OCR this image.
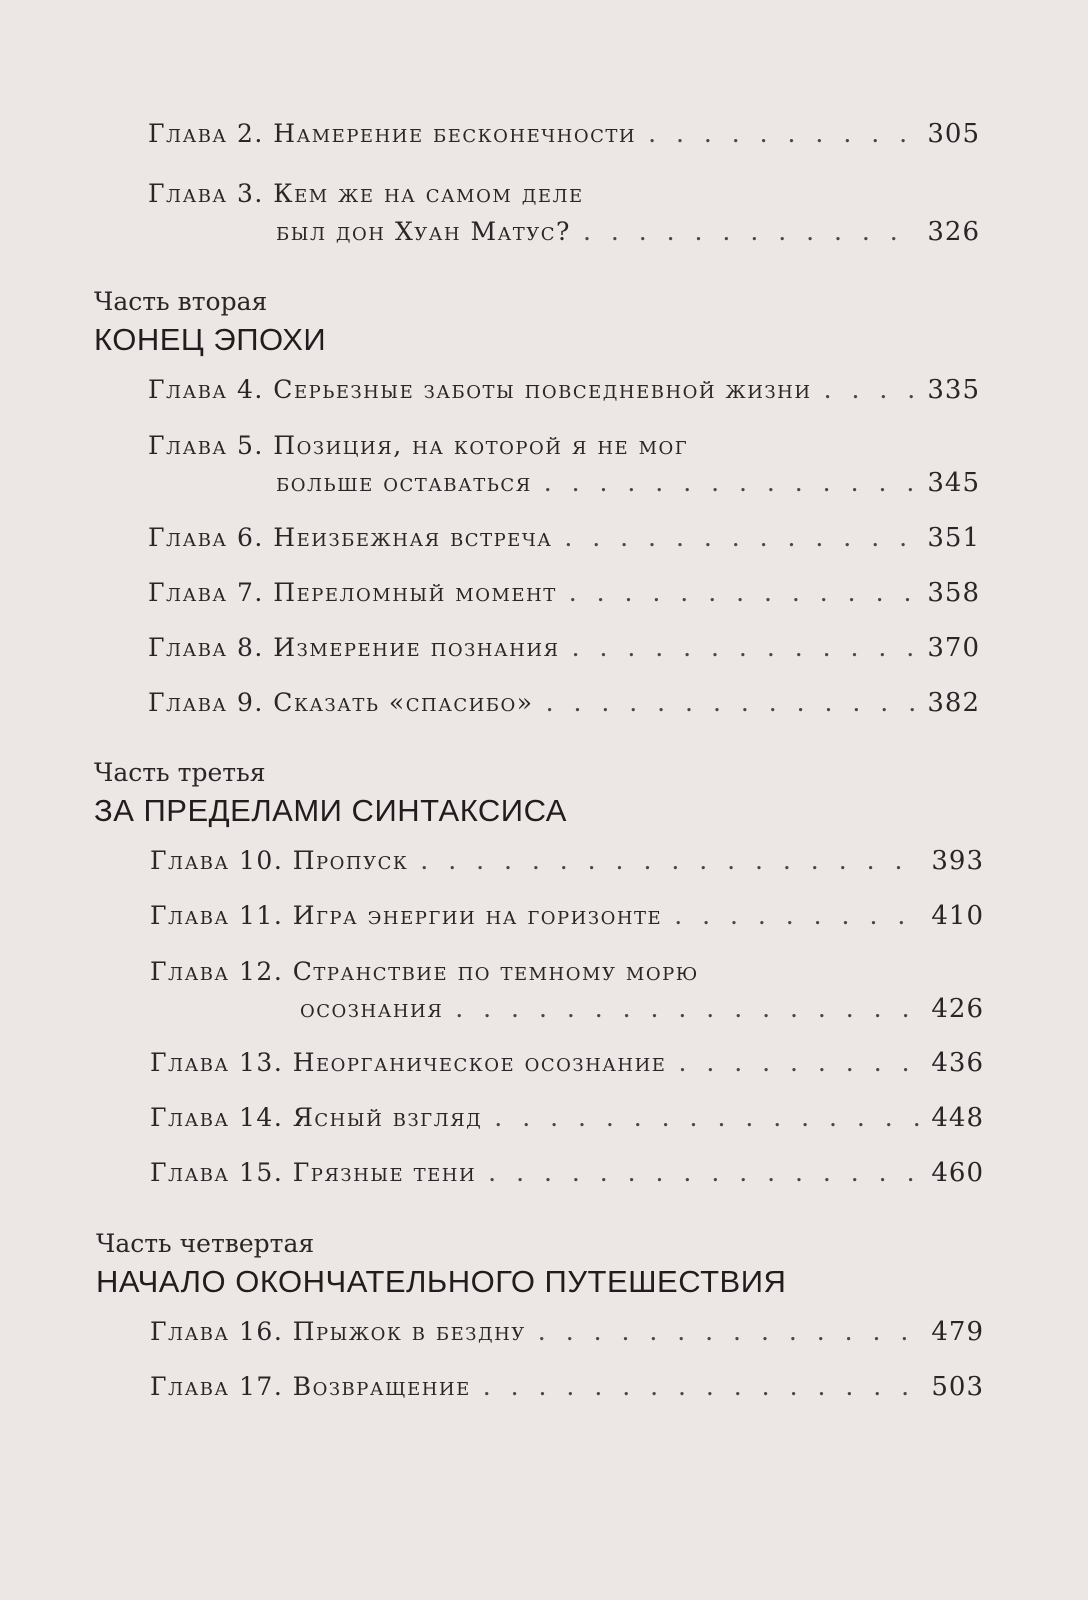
Глава 2. Намерение бесконечности . . .	305
Глава 3. Кем же на самом деле
был дон Хуан Матус? . . .	326
Часть вторая
КОНЕЦ ЭПОХИ
Глава 4. Серьезные заботы повседневной жизни . . .	335
Глава 5. Позиция, на которой я не мог
больше оставаться . . .	345
Глава 6. Неизбежная встреча . . .	351
Глава 7. Переломный момент . . .	358
Глава 8. Измерение познания . . .	370
Глава 9. Сказать «спасибо» . . .	382
Часть третья
ЗА ПРЕДЕЛАМИ СИНТАКСИСА
Глава 10. Пропуск . . .	393
Глава 11. Игра энергии на горизонте . . .	410
Глава 12. Странствие по темному морю
осознания . . .	426
Глава 13. Неорганическое осознание . . .	436
Глава 14. Ясный взгляд . . .	448
Глава 15. Грязные тени . . .	460
Часть четвертая
НАЧАЛО ОКОНЧАТЕЛЬНОГО ПУТЕШЕСТВИЯ
Глава 16. Прыжок в бездну . . .	479
Глава 17. Возвращение . . .	503
